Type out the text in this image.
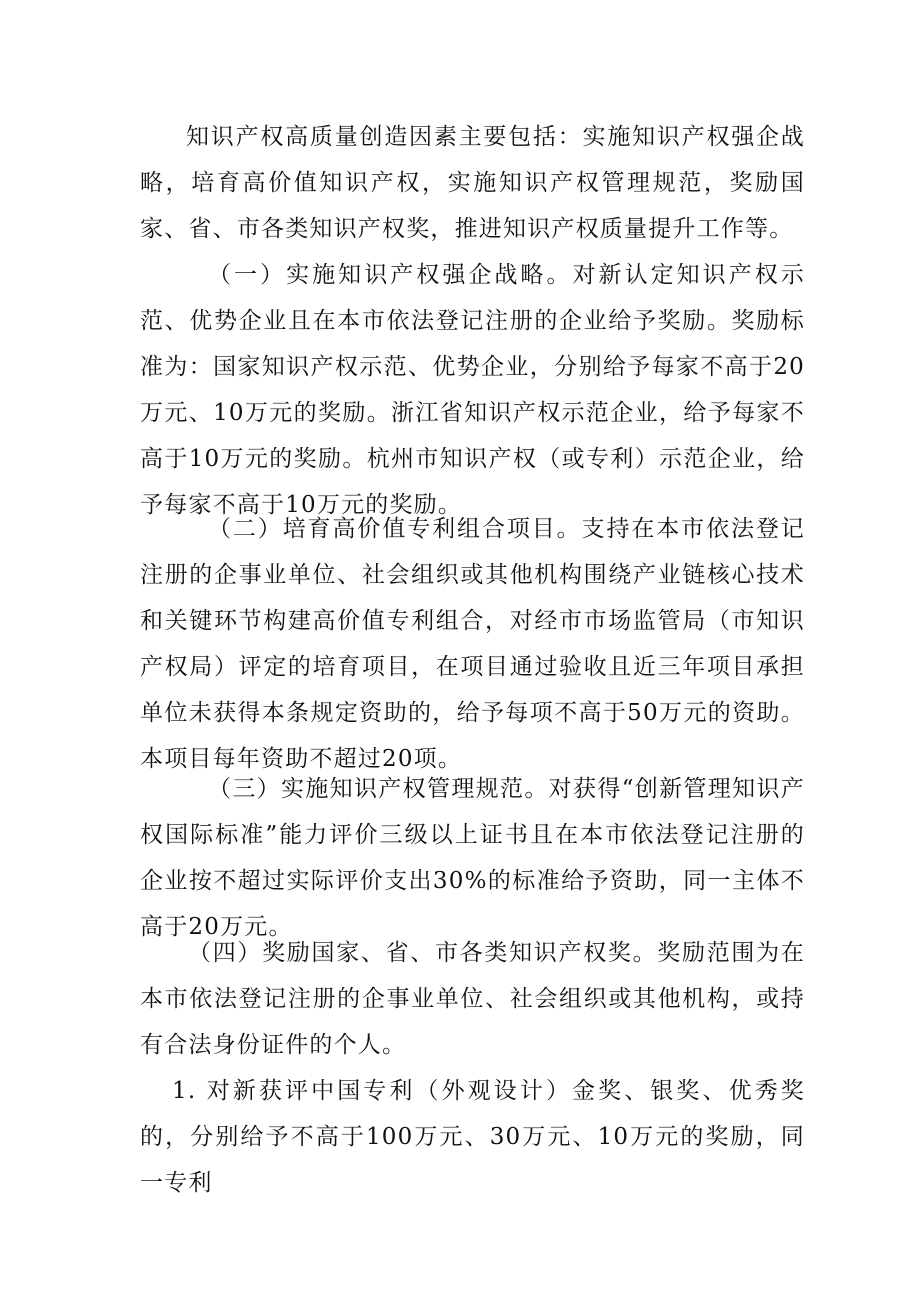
知识产权高质量创造因素主要包括：实施知识产权强企战略，培育高价值知识产权，实施知识产权管理规范，奖励国家、省、市各类知识产权奖，推进知识产权质量提升工作等。

（一）实施知识产权强企战略。对新认定知识产权示范、优势企业且在本市依法登记注册的企业给予奖励。奖励标准为：国家知识产权示范、优势企业，分别给予每家不高于20万元、10万元的奖励。浙江省知识产权示范企业，给予每家不高于10万元的奖励。杭州市知识产权（或专利）示范企业，给予每家不高于10万元的奖励。

（二）培育高价值专利组合项目。支持在本市依法登记注册的企事业单位、社会组织或其他机构围绕产业链核心技术和关键环节构建高价值专利组合，对经市市场监管局（市知识产权局）评定的培育项目，在项目通过验收且近三年项目承担单位未获得本条规定资助的，给予每项不高于50万元的资助。本项目每年资助不超过20项。

（三）实施知识产权管理规范。对获得“创新管理知识产权国际标准”能力评价三级以上证书且在本市依法登记注册的企业按不超过实际评价支出30%的标准给予资助，同一主体不高于20万元。

（四）奖励国家、省、市各类知识产权奖。奖励范围为在本市依法登记注册的企事业单位、社会组织或其他机构，或持有合法身份证件的个人。

1. 对新获评中国专利（外观设计）金奖、银奖、优秀奖的，分别给予不高于100万元、30万元、10万元的奖励，同一专利
